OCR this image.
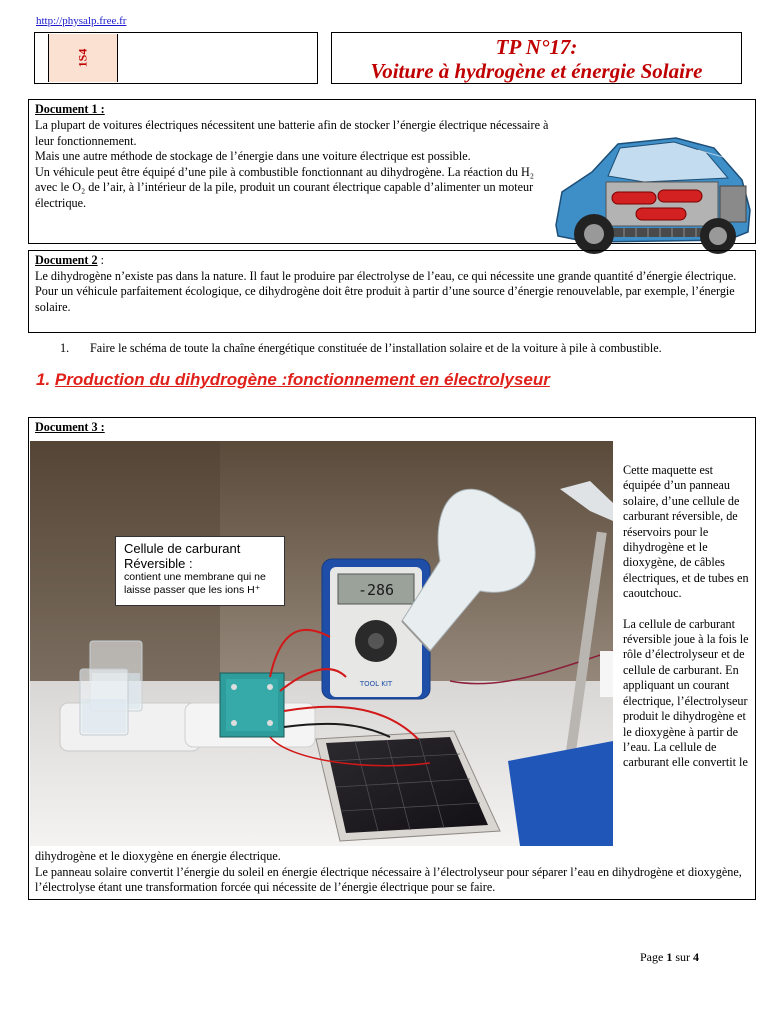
http://physalp.free.fr
1S4	TP N°17:
Voiture à hydrogène et énergie Solaire
Document 1 :
La plupart de voitures électriques nécessitent une batterie afin de stocker l’énergie électrique nécessaire à leur fonctionnement.
Mais une autre méthode de stockage de l’énergie dans une voiture électrique est possible.
Un véhicule peut être équipé d’une pile à combustible fonctionnant au dihydrogène. La réaction du H₂ avec le O₂ de l’air, à l’intérieur de la pile, produit un courant électrique capable d’alimenter un moteur électrique.
Document 2 :
Le dihydrogène n’existe pas dans la nature. Il faut le produire par électrolyse de l’eau, ce qui nécessite une grande quantité d’énergie électrique.
Pour un véhicule parfaitement écologique, ce dihydrogène doit être produit à partir d’une source d’énergie renouvelable, par exemple, l’énergie solaire.
1. Faire le schéma de toute la chaîne énergétique constituée de l’installation solaire et de la voiture à pile à combustible.
1. Production du dihydrogène :fonctionnement en électrolyseur
Document 3 :
-286
TOOL KIT
Cellule de carburant Réversible :
contient une membrane qui ne laisse passer que les ions H⁺

Cette maquette est équipée d’un panneau solaire, d’une cellule de carburant réversible, de réservoirs pour le dihydrogène et le dioxygène, de câbles électriques, et de tubes en caoutchouc.

La cellule de carburant réversible joue à la fois le rôle d’électrolyseur et de cellule de carburant. En appliquant un courant électrique, l’électrolyseur produit le dihydrogène et le dioxygène à partir de l’eau. La cellule de carburant elle convertit le

dihydrogène et le dioxygène en énergie électrique.
Le panneau solaire convertit l’énergie du soleil en énergie électrique nécessaire à l’électrolyseur pour séparer l’eau en dihydrogène et dioxygène, l’électrolyse étant une transformation forcée qui nécessite de l’énergie électrique pour se faire.
Page 1 sur 4
